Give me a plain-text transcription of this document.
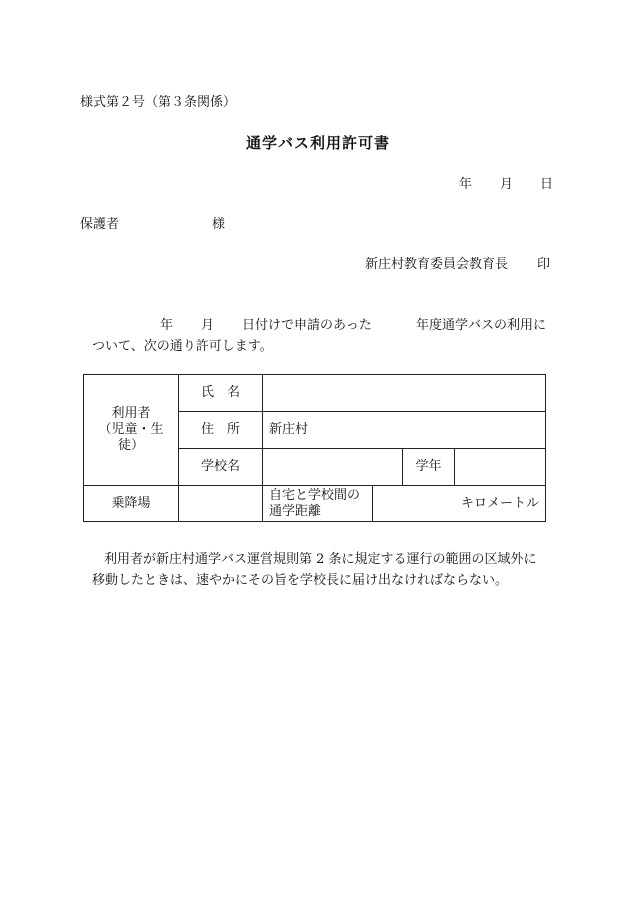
様式第２号（第３条関係）
通学バス利用許可書
年 月 日
保護者	様
新庄村教育委員会教育長 印
年 月 日付けで申請のあった	年度通学バスの利用に
ついて、次の通り許可します。
利用者
（児童・生徒）	氏　名				
	住　所	新庄村			
	学校名			学年	
乗降場		自宅と学校間の
通学距離	キロメートル		
利用者が新庄村通学バス運営規則第 2 条に規定する運行の範囲の区域外に
移動したときは、速やかにその旨を学校長に届け出なければならない。
